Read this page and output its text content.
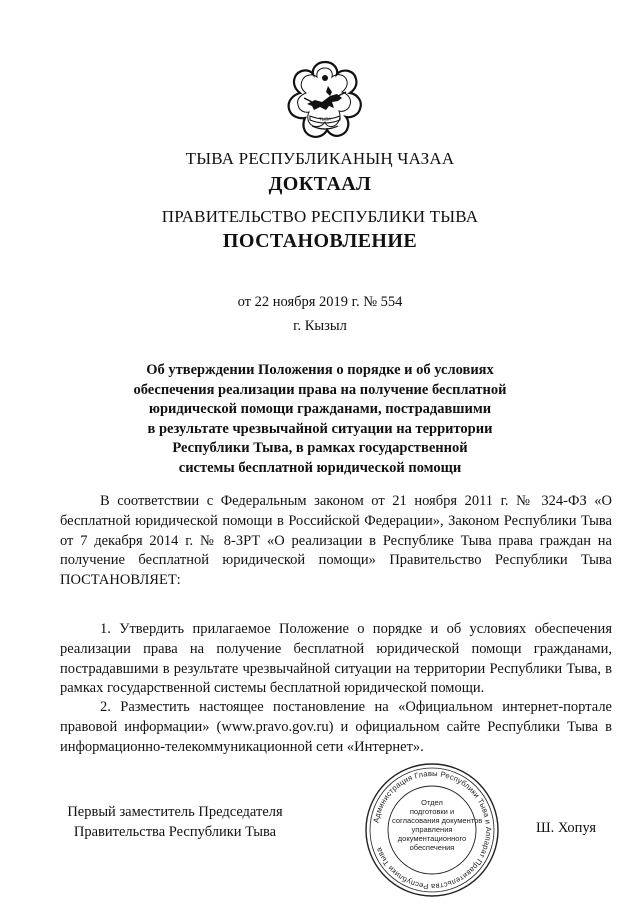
ТЫВА
ТЫВА РЕСПУБЛИКАНЫҢ ЧАЗАА
ДОКТААЛ
ПРАВИТЕЛЬСТВО РЕСПУБЛИКИ ТЫВА
ПОСТАНОВЛЕНИЕ
от 22 ноября 2019 г. № 554
г. Кызыл
Об утверждении Положения о порядке и об условиях
обеспечения реализации права на получение бесплатной
юридической помощи гражданами, пострадавшими
в результате чрезвычайной ситуации на территории
Республики Тыва, в рамках государственной
системы бесплатной юридической помощи

В соответствии с Федеральным законом от 21 ноября 2011 г. № 324-ФЗ «О бесплатной юридической помощи в Российской Федерации», Законом Республики Тыва от 7 декабря 2014 г. № 8-ЗРТ «О реализации в Республике Тыва права граждан на получение бесплатной юридической помощи» Правительство Республики Тыва ПОСТАНОВЛЯЕТ:

1. Утвердить прилагаемое Положение о порядке и об условиях обеспечения реализации права на получение бесплатной юридической помощи гражданами, пострадавшими в результате чрезвычайной ситуации на территории Республики Тыва, в рамках государственной системы бесплатной юридической помощи.

2. Разместить настоящее постановление на «Официальном интернет-портале правовой информации» (www.pravo.gov.ru) и официальном сайте Республики Тыва в информационно-телекоммуникационной сети «Интернет».

Администрация Главы Республики Тыва и Аппарат Правительства Республики Тыва
Отдел
подготовки и
согласования документов
управления
документационного
обеспечения
Первый заместитель Председателя
Правительства Республики Тыва	Ш. Хопуя
